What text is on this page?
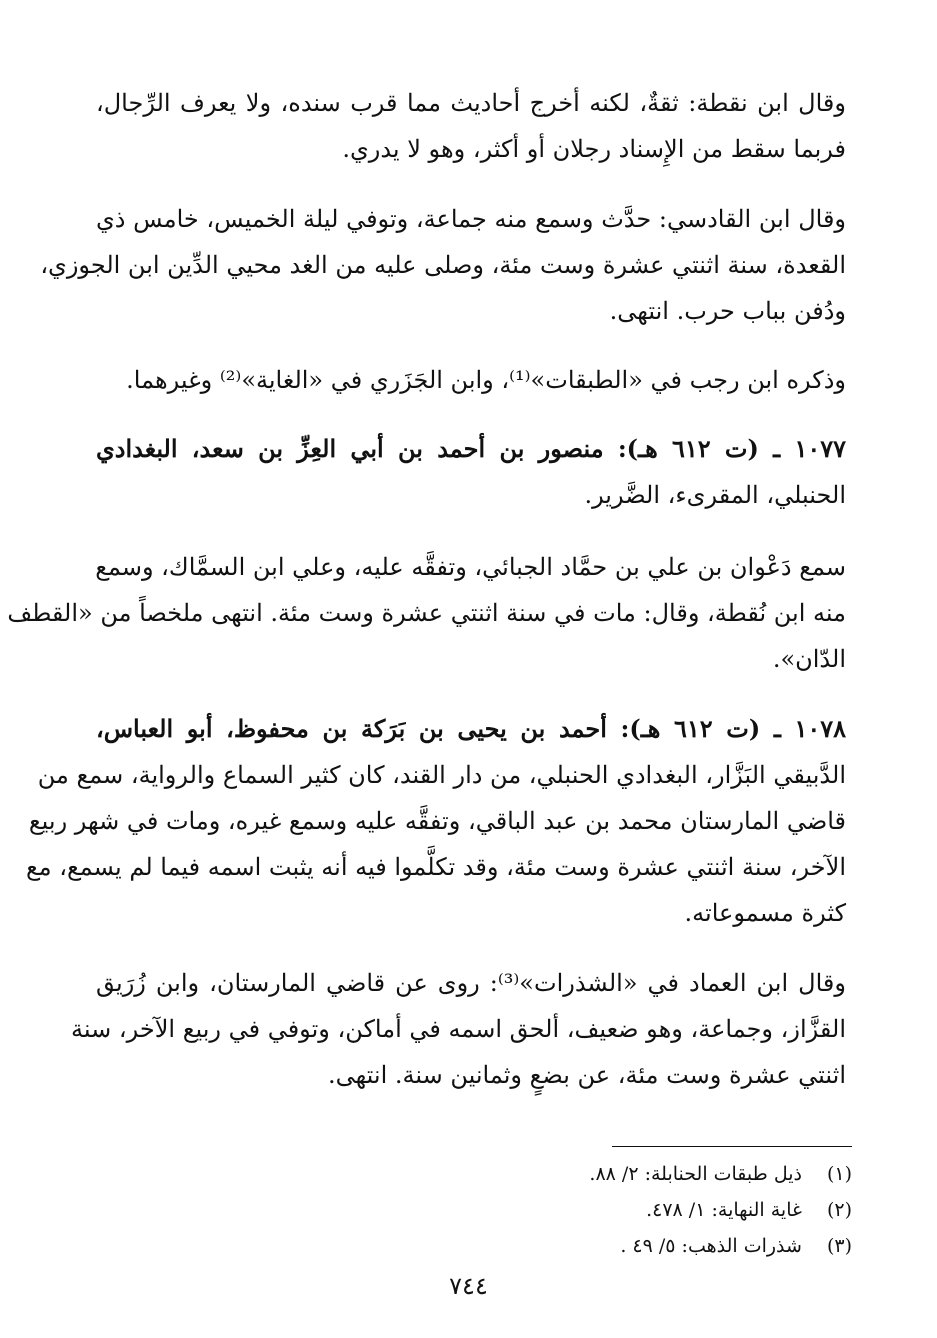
وقال ابن نقطة: ثقةٌ، لكنه أخرج أحاديث مما قرب سنده، ولا يعرف الرِّجال،
فربما سقط من الإِسناد رجلان أو أكثر، وهو لا يدري.

وقال ابن القادسي: حدَّث وسمع منه جماعة، وتوفي ليلة الخميس، خامس ذي
القعدة، سنة اثنتي عشرة وست مئة، وصلى عليه من الغد محيي الدِّين ابن الجوزي،
ودُفن بباب حرب. انتهى.

وذكره ابن رجب في «الطبقات»⁽¹⁾، وابن الجَزَري في «الغاية»⁽²⁾ وغيرهما.

١٠٧٧ ـ (ت ٦١٢ هـ): منصور بن أحمد بن أبي العِزِّ بن سعد، البغدادي
الحنبلي، المقرىء، الضَّرير.

سمع دَعْوان بن علي بن حمَّاد الجبائي، وتفقَّه عليه، وعلي ابن السمَّاك، وسمع
منه ابن نُقطة، وقال: مات في سنة اثنتي عشرة وست مئة. انتهى ملخصاً من «القطف
الدّان».

١٠٧٨ ـ (ت ٦١٢ هـ): أحمد بن يحيى بن بَرَكة بن محفوظ، أبو العباس،
الدَّبيقي البَزَّار، البغدادي الحنبلي، من دار القند، كان كثير السماع والرواية، سمع من
قاضي المارستان محمد بن عبد الباقي، وتفقَّه عليه وسمع غيره، ومات في شهر ربيع
الآخر، سنة اثنتي عشرة وست مئة، وقد تكلَّموا فيه أنه يثبت اسمه فيما لم يسمع، مع
كثرة مسموعاته.

وقال ابن العماد في «الشذرات»⁽³⁾: روى عن قاضي المارستان، وابن زُرَيق
القزَّاز، وجماعة، وهو ضعيف، ألحق اسمه في أماكن، وتوفي في ربيع الآخر، سنة
اثنتي عشرة وست مئة، عن بضعٍ وثمانين سنة. انتهى.

(١) ذيل طبقات الحنابلة: ٢/ ٨٨.
(٢) غاية النهاية: ١/ ٤٧٨.
(٣) شذرات الذهب: ٥/ ٤٩ .
٧٤٤
